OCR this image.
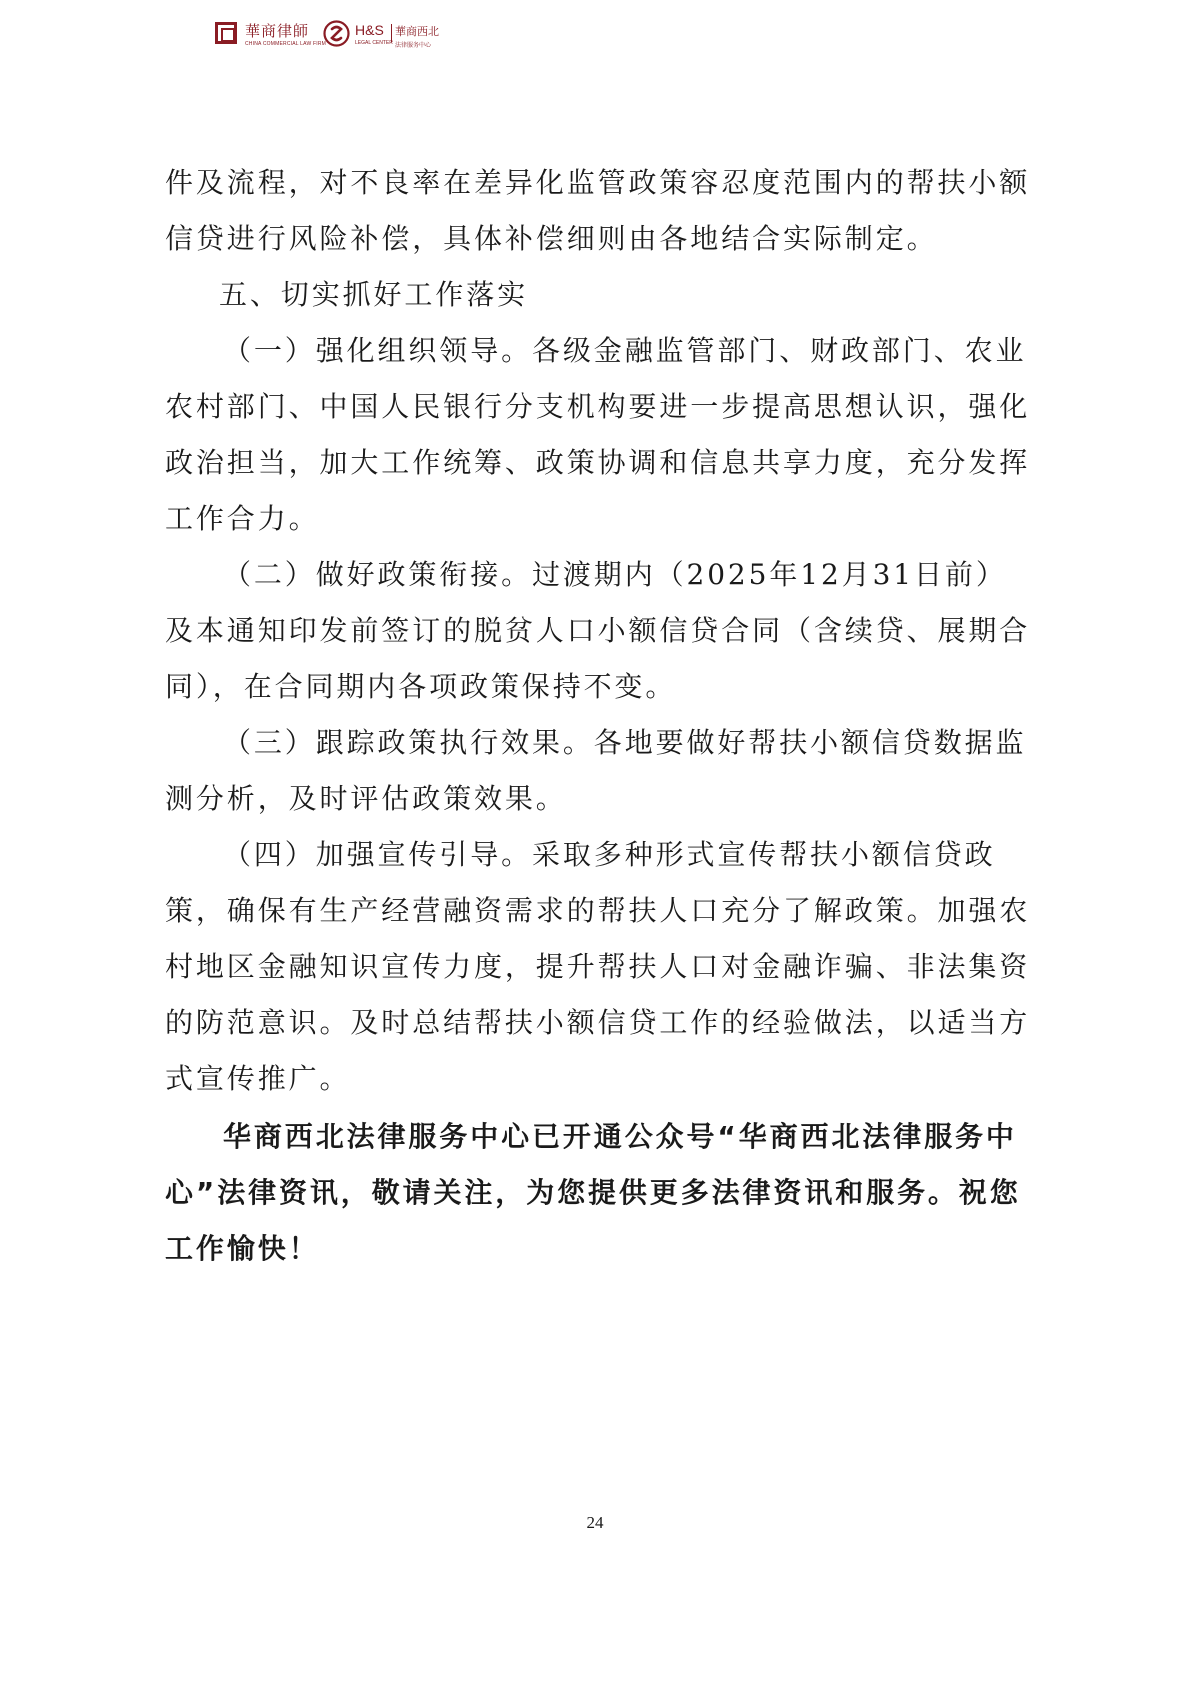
華商律師
CHINA COMMERCIAL LAW FIRM
H&S 華商西北
LEGAL CENTER 法律服务中心

件及流程，对不良率在差异化监管政策容忍度范围内的帮扶小额信贷进行风险补偿，具体补偿细则由各地结合实际制定。

五、切实抓好工作落实

（一）强化组织领导。各级金融监管部门、财政部门、农业农村部门、中国人民银行分支机构要进一步提高思想认识，强化政治担当，加大工作统筹、政策协调和信息共享力度，充分发挥工作合力。

（二）做好政策衔接。过渡期内（2025年12月31日前）及本通知印发前签订的脱贫人口小额信贷合同（含续贷、展期合同），在合同期内各项政策保持不变。

（三）跟踪政策执行效果。各地要做好帮扶小额信贷数据监测分析，及时评估政策效果。

（四）加强宣传引导。采取多种形式宣传帮扶小额信贷政策，确保有生产经营融资需求的帮扶人口充分了解政策。加强农村地区金融知识宣传力度，提升帮扶人口对金融诈骗、非法集资的防范意识。及时总结帮扶小额信贷工作的经验做法，以适当方式宣传推广。

华商西北法律服务中心已开通公众号“华商西北法律服务中心”法律资讯，敬请关注，为您提供更多法律资讯和服务。祝您工作愉快！
24
